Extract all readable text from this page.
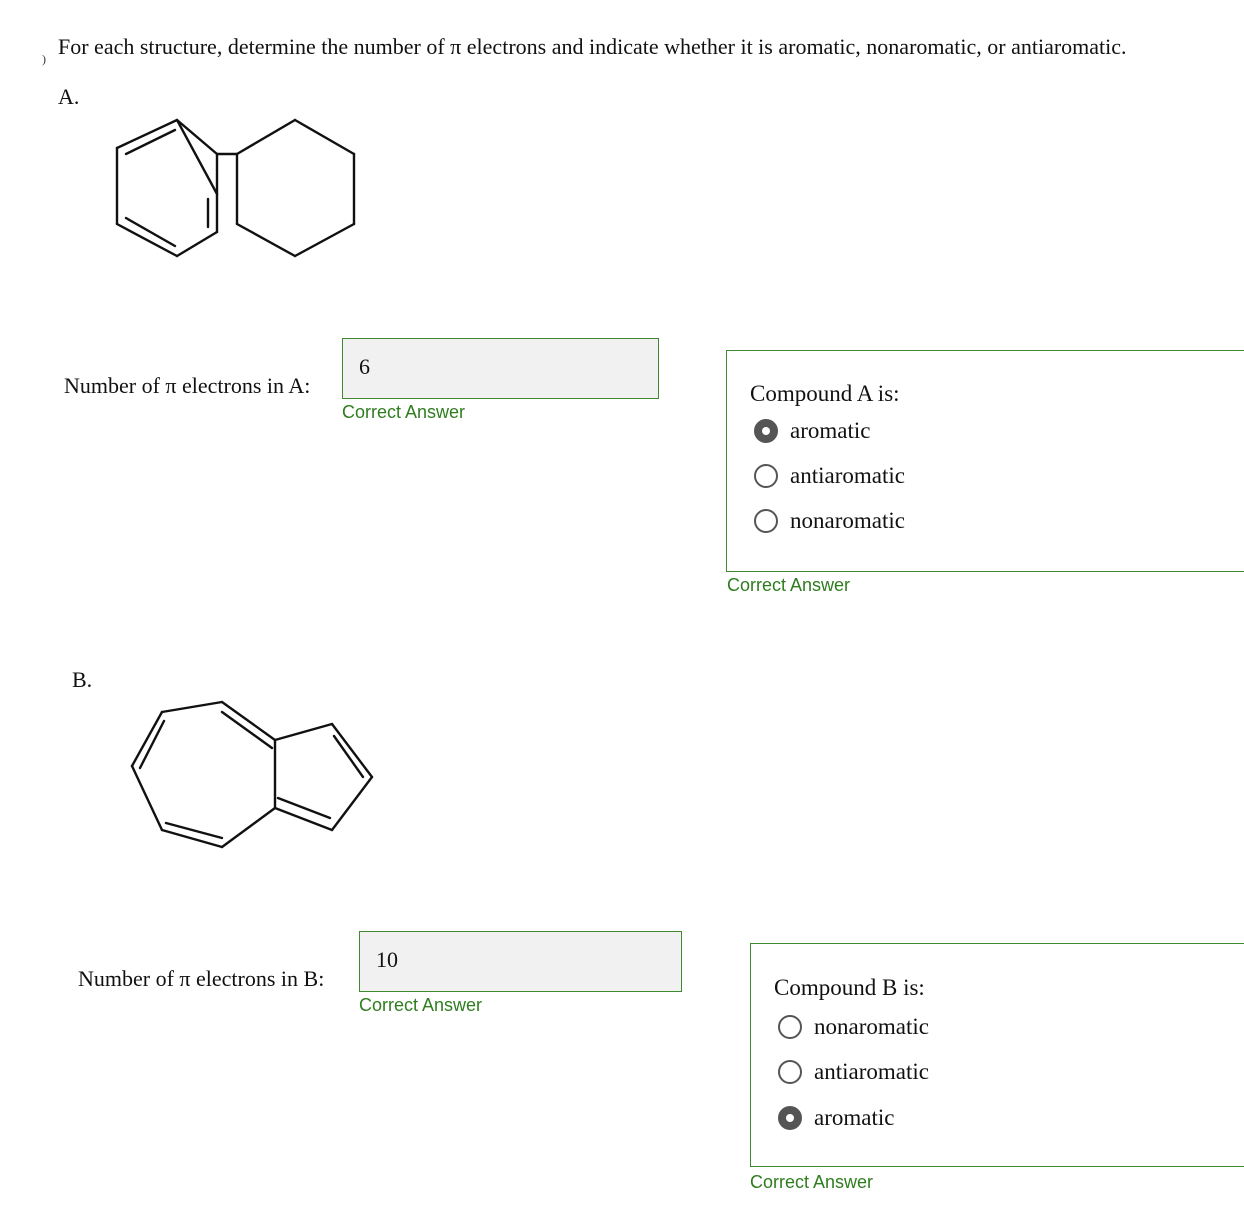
) For each structure, determine the number of π electrons and indicate whether it is aromatic, nonaromatic, or antiaromatic.
A.
Number of π electrons in A:
6
Correct Answer
Compound A is:
aromatic
antiaromatic
nonaromatic
Correct Answer
B.
Number of π electrons in B:
10
Correct Answer
Compound B is:
nonaromatic
antiaromatic
aromatic
Correct Answer
